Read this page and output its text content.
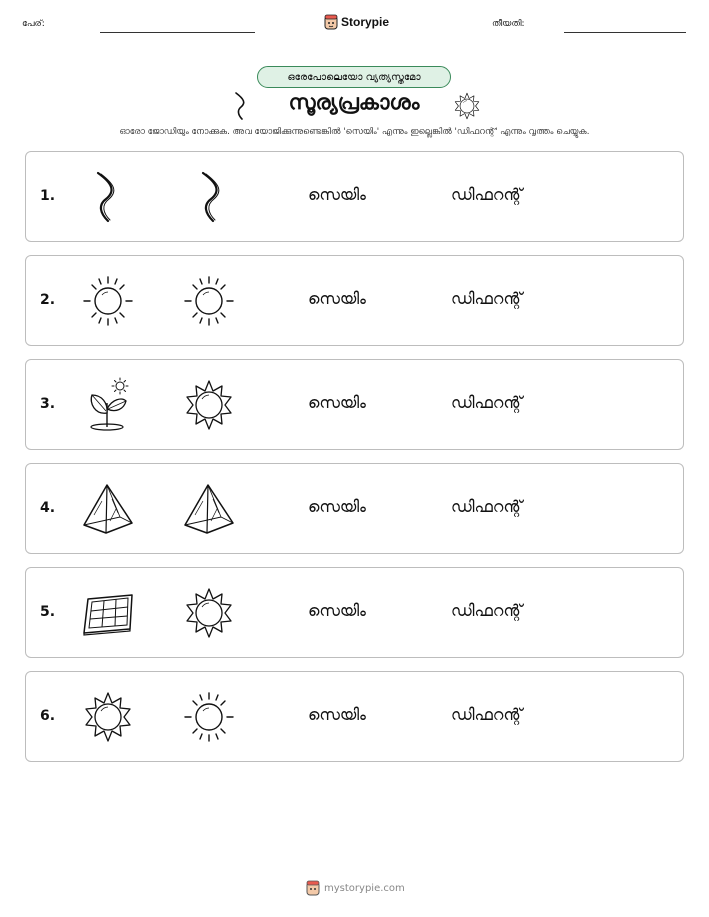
പേര്:	Storypie	തീയതി:
ഒരേപോലെയോ വ്യത്യസ്തമോ
സൂര്യപ്രകാശം
ഓരോ ജോഡിയും നോക്കുക. അവ യോജിക്കുന്നുണ്ടെങ്കിൽ 'സെയിം' എന്നും ഇല്ലെങ്കിൽ 'ഡിഫറന്റ്' എന്നും വൃത്തം ചെയ്യുക.
1.	സെയിം	ഡിഫറന്റ്
2.	സെയിം	ഡിഫറന്റ്
3.	സെയിം	ഡിഫറന്റ്
4.	സെയിം	ഡിഫറന്റ്
5.	സെയിം	ഡിഫറന്റ്
6.	സെയിം	ഡിഫറന്റ്
mystorypie.com
